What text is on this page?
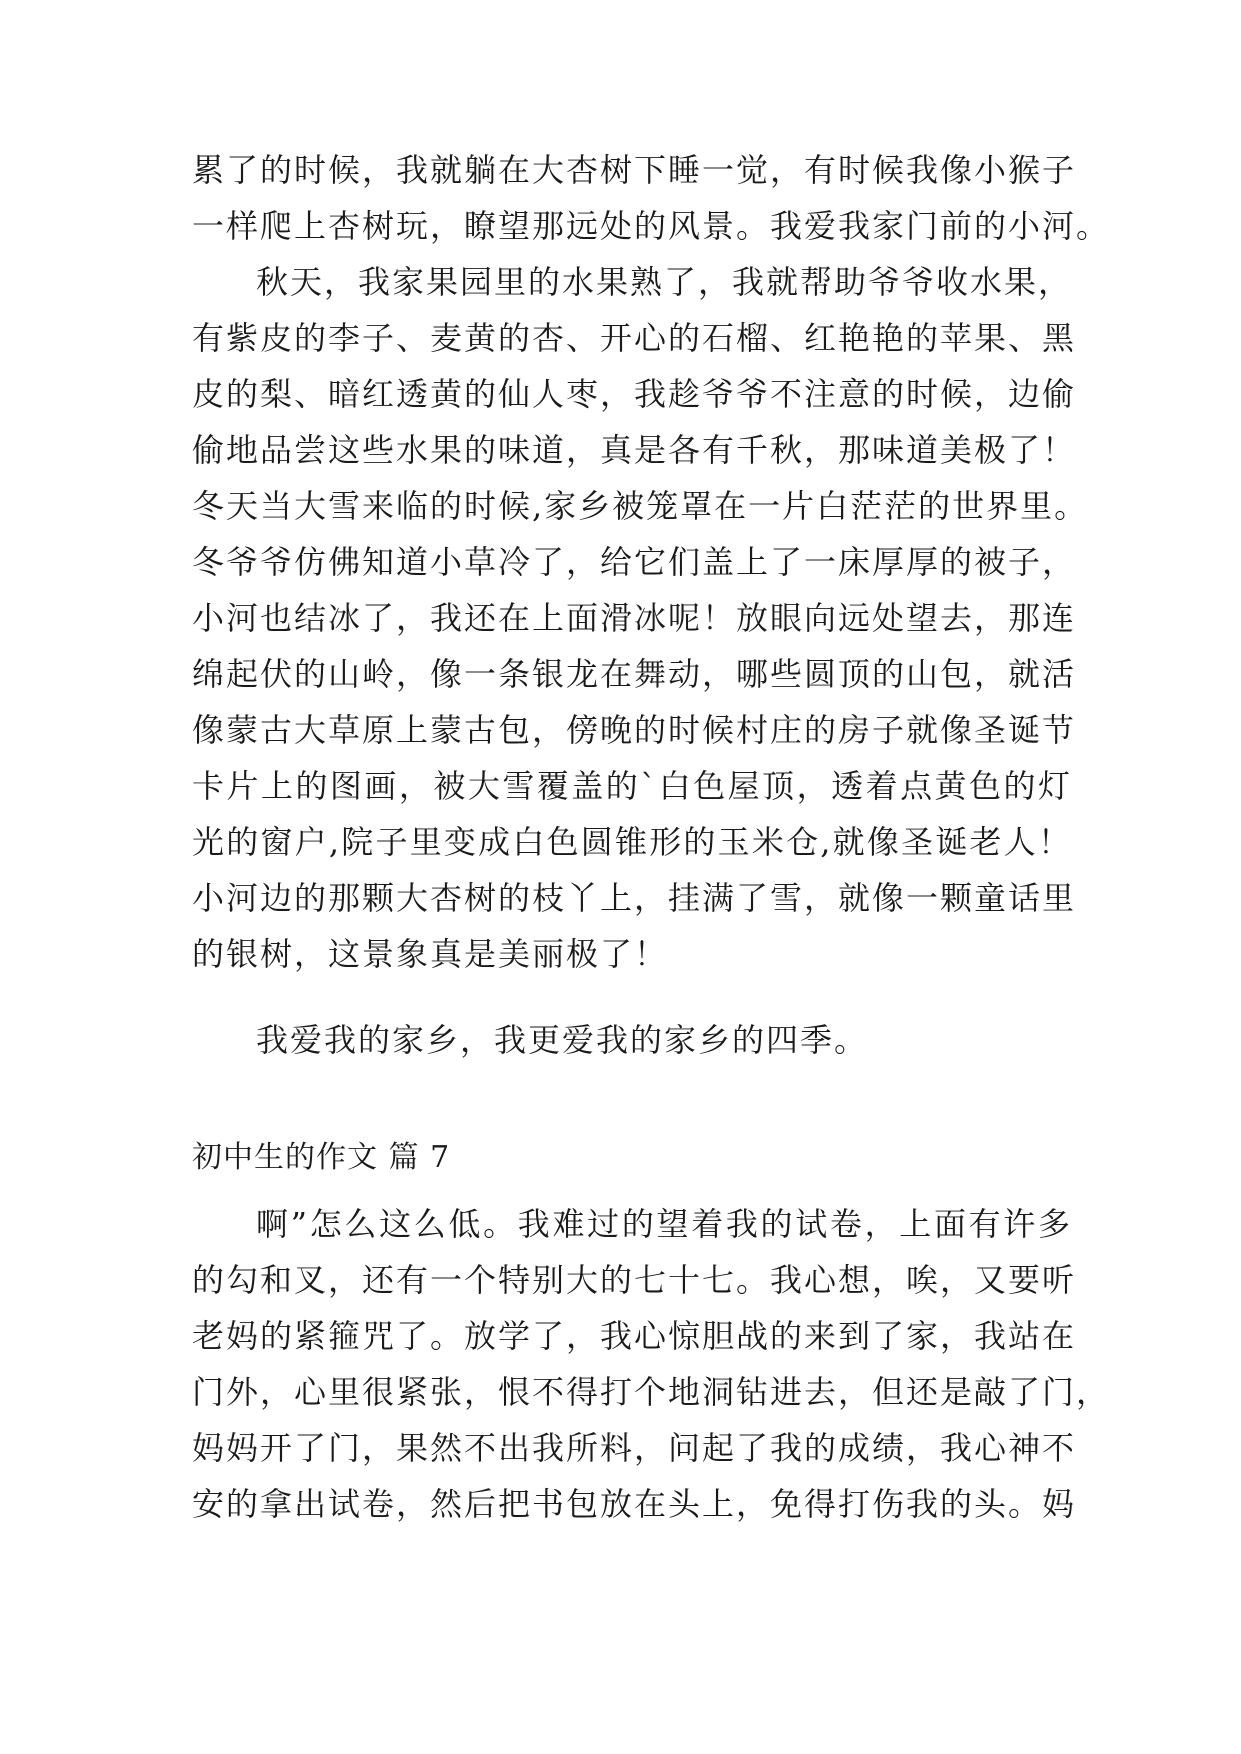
累了的时候，我就躺在大杏树下睡一觉，有时候我像小猴子
一样爬上杏树玩，瞭望那远处的风景。我爱我家门前的小河。
秋天，我家果园里的水果熟了，我就帮助爷爷收水果，
有紫皮的李子、麦黄的杏、开心的石榴、红艳艳的苹果、黑
皮的梨、暗红透黄的仙人枣，我趁爷爷不注意的时候，边偷
偷地品尝这些水果的味道，真是各有千秋，那味道美极了！
冬天当大雪来临的时候,家乡被笼罩在一片白茫茫的世界里。
冬爷爷仿佛知道小草冷了，给它们盖上了一床厚厚的被子，
小河也结冰了，我还在上面滑冰呢！放眼向远处望去，那连
绵起伏的山岭，像一条银龙在舞动，哪些圆顶的山包，就活
像蒙古大草原上蒙古包，傍晚的时候村庄的房子就像圣诞节
卡片上的图画，被大雪覆盖的`白色屋顶，透着点黄色的灯
光的窗户,院子里变成白色圆锥形的玉米仓,就像圣诞老人！
小河边的那颗大杏树的枝丫上，挂满了雪，就像一颗童话里
的银树，这景象真是美丽极了！
我爱我的家乡，我更爱我的家乡的四季。
初中生的作文 篇 7
啊”怎么这么低。我难过的望着我的试卷，上面有许多
的勾和叉，还有一个特别大的七十七。我心想，唉，又要听
老妈的紧箍咒了。放学了，我心惊胆战的来到了家，我站在
门外，心里很紧张，恨不得打个地洞钻进去，但还是敲了门，
妈妈开了门，果然不出我所料，问起了我的成绩，我心神不
安的拿出试卷，然后把书包放在头上，免得打伤我的头。妈
